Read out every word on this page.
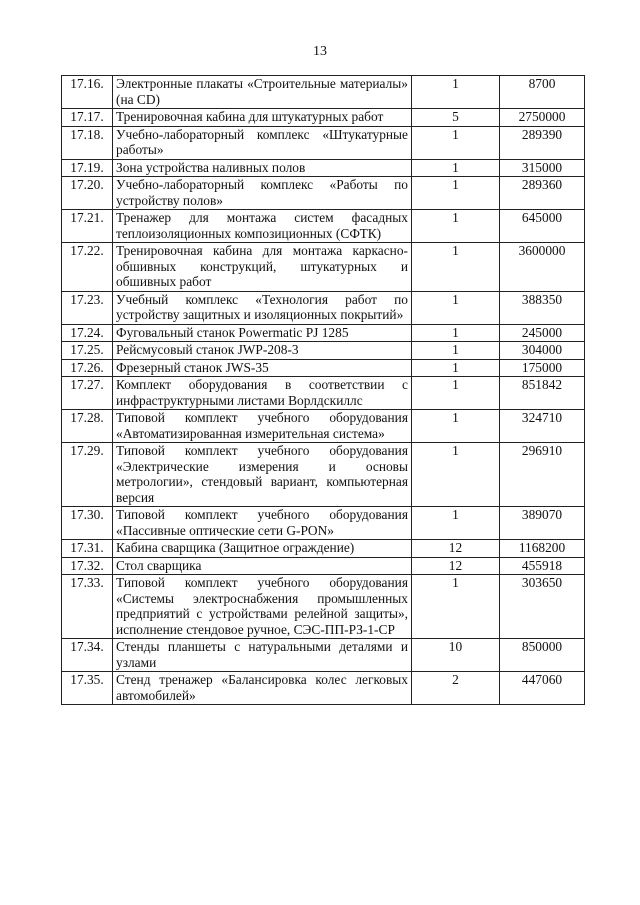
13
17.16.	Электронные плакаты «Строительные материалы» (на CD)	1	8700
17.17.	Тренировочная кабина для штукатурных работ	5	2750000
17.18.	Учебно-лабораторный комплекс «Штукатурные работы»	1	289390
17.19.	Зона устройства наливных полов	1	315000
17.20.	Учебно-лабораторный комплекс «Работы по устройству полов»	1	289360
17.21.	Тренажер для монтажа систем фасадных теплоизоляционных композиционных (СФТК)	1	645000
17.22.	Тренировочная кабина для монтажа каркасно- обшивных конструкций, штукатурных и обшивных работ	1	3600000
17.23.	Учебный комплекс «Технология работ по устройству защитных и изоляционных покрытий»	1	388350
17.24.	Фуговальный станок Powermatic PJ 1285	1	245000
17.25.	Рейсмусовый станок JWP-208-3	1	304000
17.26.	Фрезерный станок JWS-35	1	175000
17.27.	Комплект оборудования в соответствии с инфраструктурными листами Ворлдскиллс	1	851842
17.28.	Типовой комплект учебного оборудования «Автоматизированная измерительная система»	1	324710
17.29.	Типовой комплект учебного оборудования «Электрические измерения и основы метрологии», стендовый вариант, компьютерная версия	1	296910
17.30.	Типовой комплект учебного оборудования «Пассивные оптические сети G-PON»	1	389070
17.31.	Кабина сварщика (Защитное ограждение)	12	1168200
17.32.	Стол сварщика	12	455918
17.33.	Типовой комплект учебного оборудования «Системы электроснабжения промышленных предприятий с устройствами релейной защиты», исполнение стендовое ручное, СЭС-ПП-РЗ-1-СР	1	303650
17.34.	Стенды планшеты с натуральными деталями и узлами	10	850000
17.35.	Стенд тренажер «Балансировка колес легковых автомобилей»	2	447060
